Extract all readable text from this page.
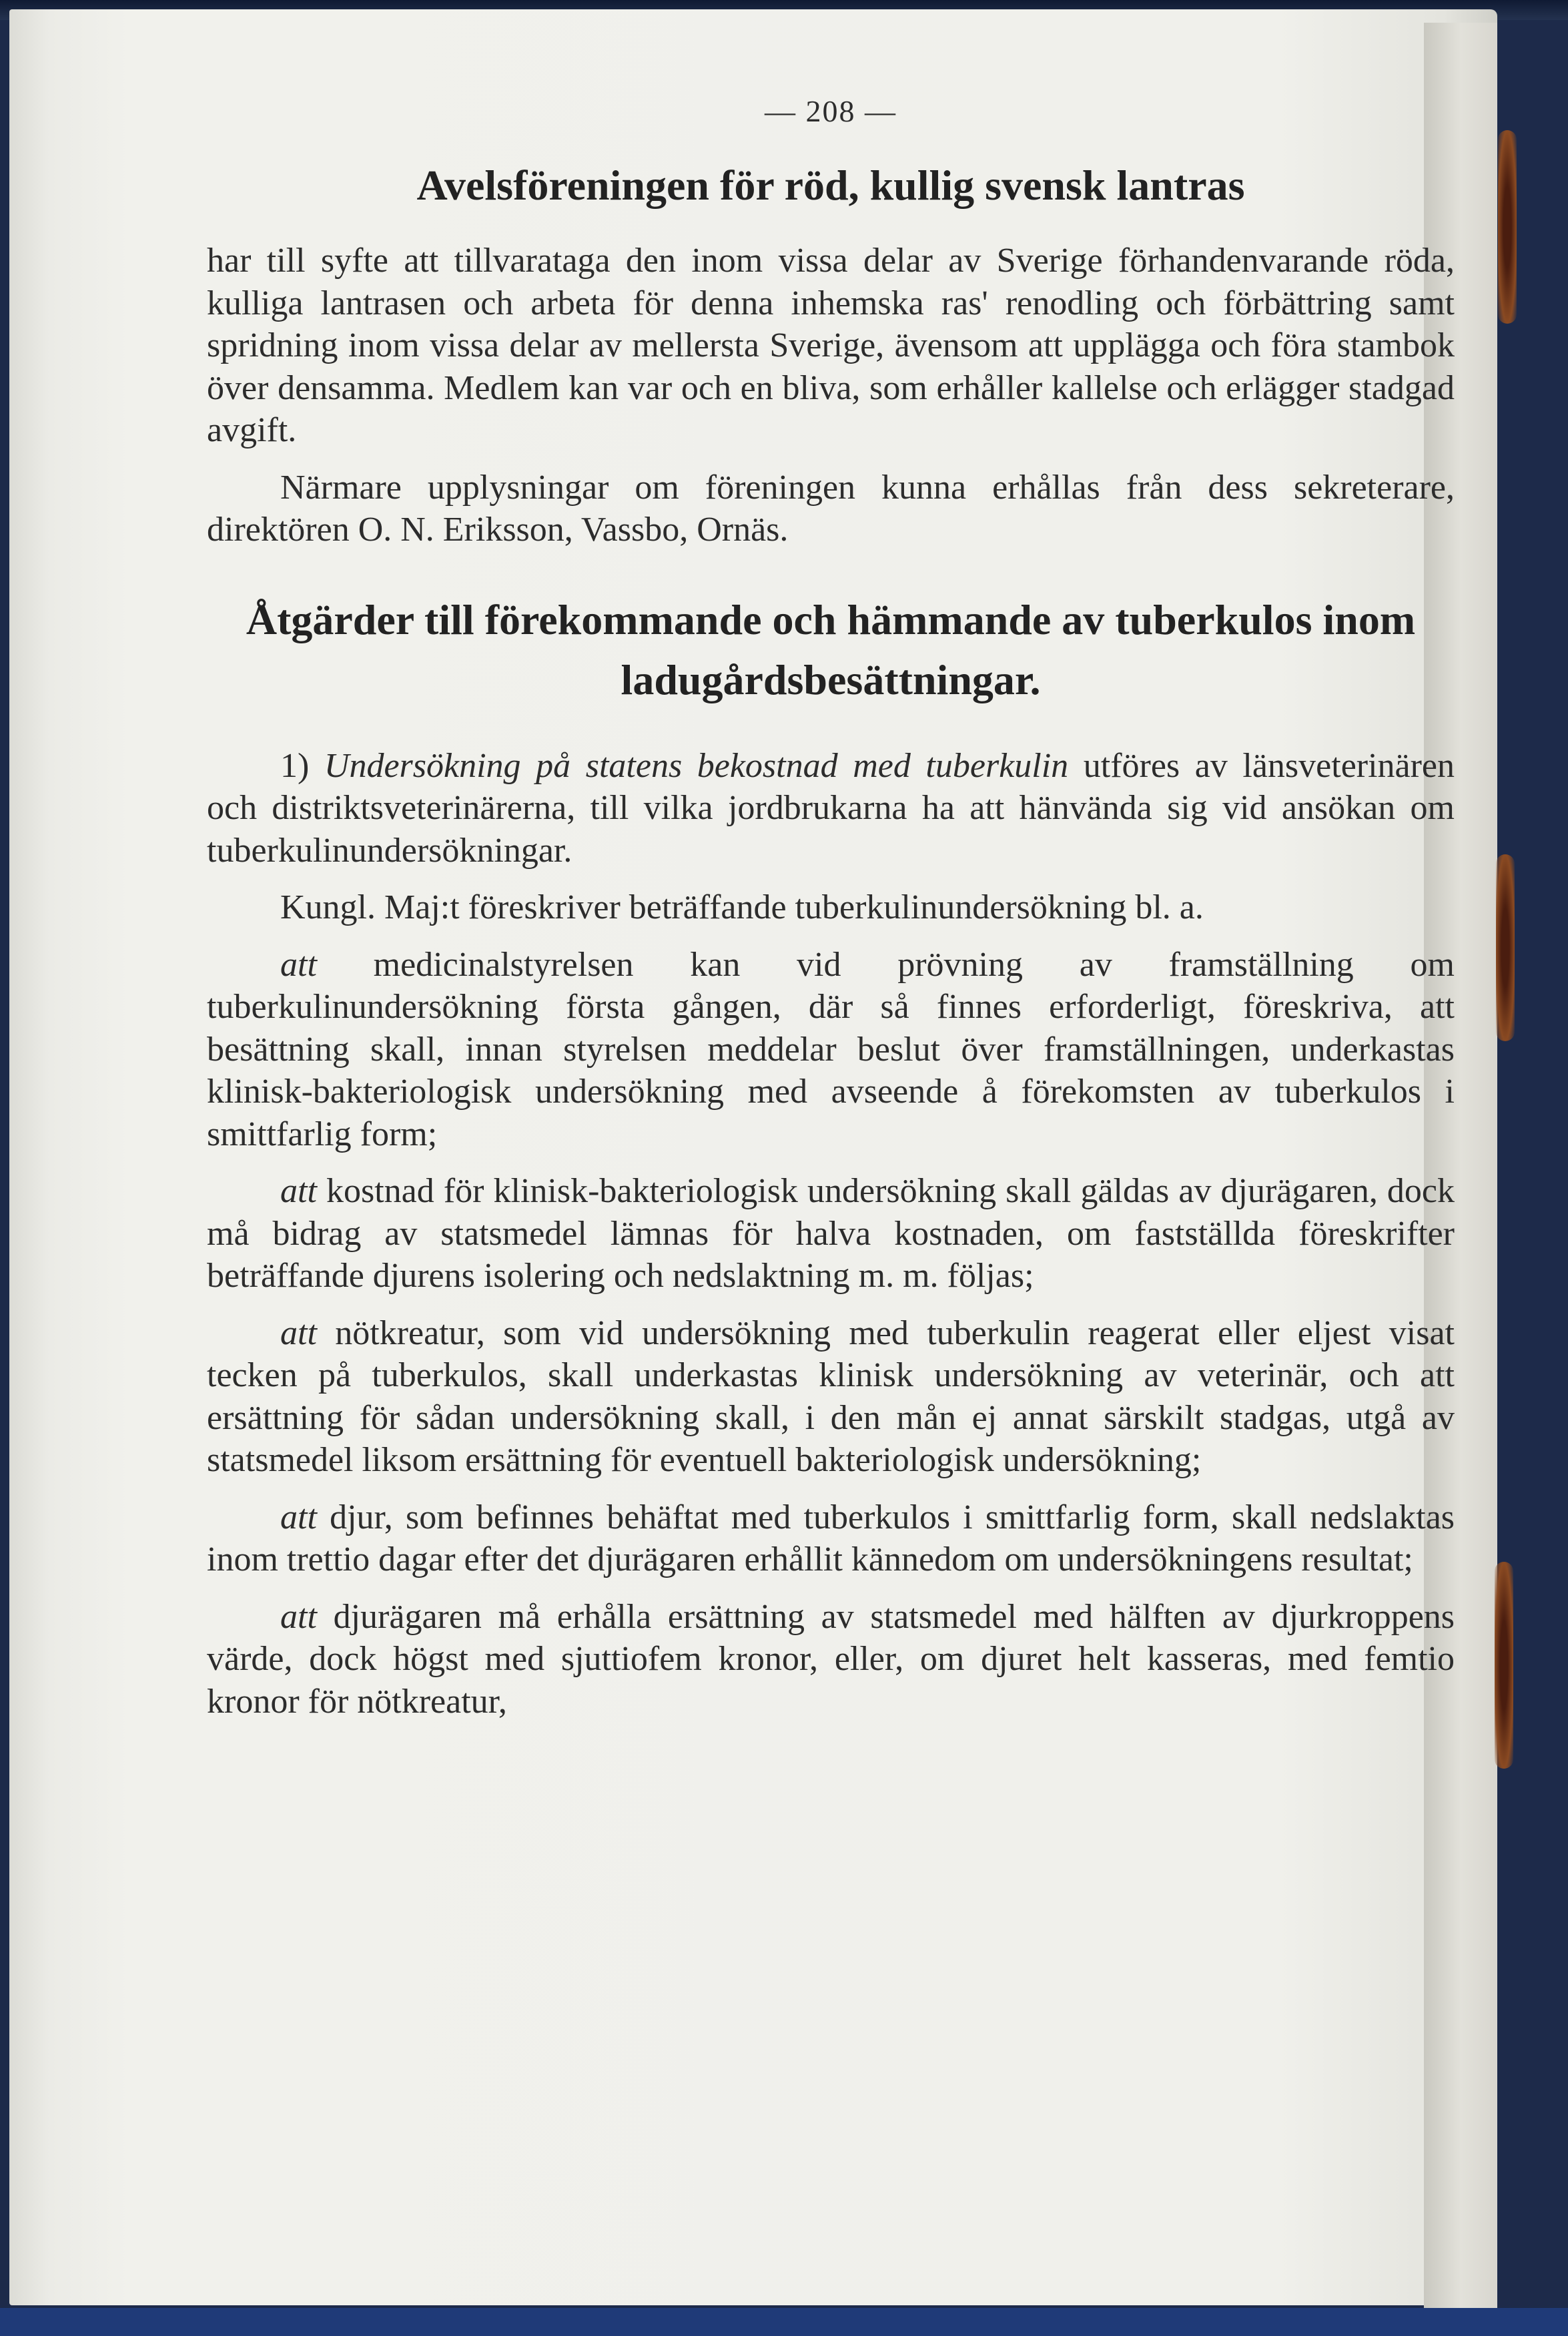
— 208 —
Avelsföreningen för röd, kullig svensk lantras

har till syfte att tillvarataga den inom vissa delar av Sverige förhandenvarande röda, kulliga lantrasen och arbeta för denna inhemska ras' renodling och förbättring samt spridning inom vissa delar av mellersta Sverige, ävensom att upplägga och föra stambok över densamma. Medlem kan var och en bliva, som erhåller kallelse och erlägger stadgad avgift.

Närmare upplysningar om föreningen kunna erhållas från dess sekreterare, direktören O. N. Eriksson, Vassbo, Ornäs.

Åtgärder till förekommande och hämmande av tuberkulos inom ladugårdsbesättningar.

1) Undersökning på statens bekostnad med tuberkulin utföres av länsveterinären och distriktsveterinärerna, till vilka jordbrukarna ha att hänvända sig vid ansökan om tuberkulinundersökningar.

Kungl. Maj:t föreskriver beträffande tuberkulinundersökning bl. a.

att medicinalstyrelsen kan vid prövning av framställning om tuberkulinundersökning första gången, där så finnes erforderligt, föreskriva, att besättning skall, innan styrelsen meddelar beslut över framställningen, underkastas klinisk-bakteriologisk undersökning med avseende å förekomsten av tuberkulos i smittfarlig form;

att kostnad för klinisk-bakteriologisk undersökning skall gäldas av djurägaren, dock må bidrag av statsmedel lämnas för halva kostnaden, om fastställda föreskrifter beträffande djurens isolering och nedslaktning m. m. följas;

att nötkreatur, som vid undersökning med tuberkulin reagerat eller eljest visat tecken på tuberkulos, skall underkastas klinisk undersökning av veterinär, och att ersättning för sådan undersökning skall, i den mån ej annat särskilt stadgas, utgå av statsmedel liksom ersättning för eventuell bakteriologisk undersökning;

att djur, som befinnes behäftat med tuberkulos i smittfarlig form, skall nedslaktas inom trettio dagar efter det djurägaren erhållit kännedom om undersökningens resultat;

att djurägaren må erhålla ersättning av statsmedel med hälften av djurkroppens värde, dock högst med sjuttiofem kronor, eller, om djuret helt kasseras, med femtio kronor för nötkreatur,
